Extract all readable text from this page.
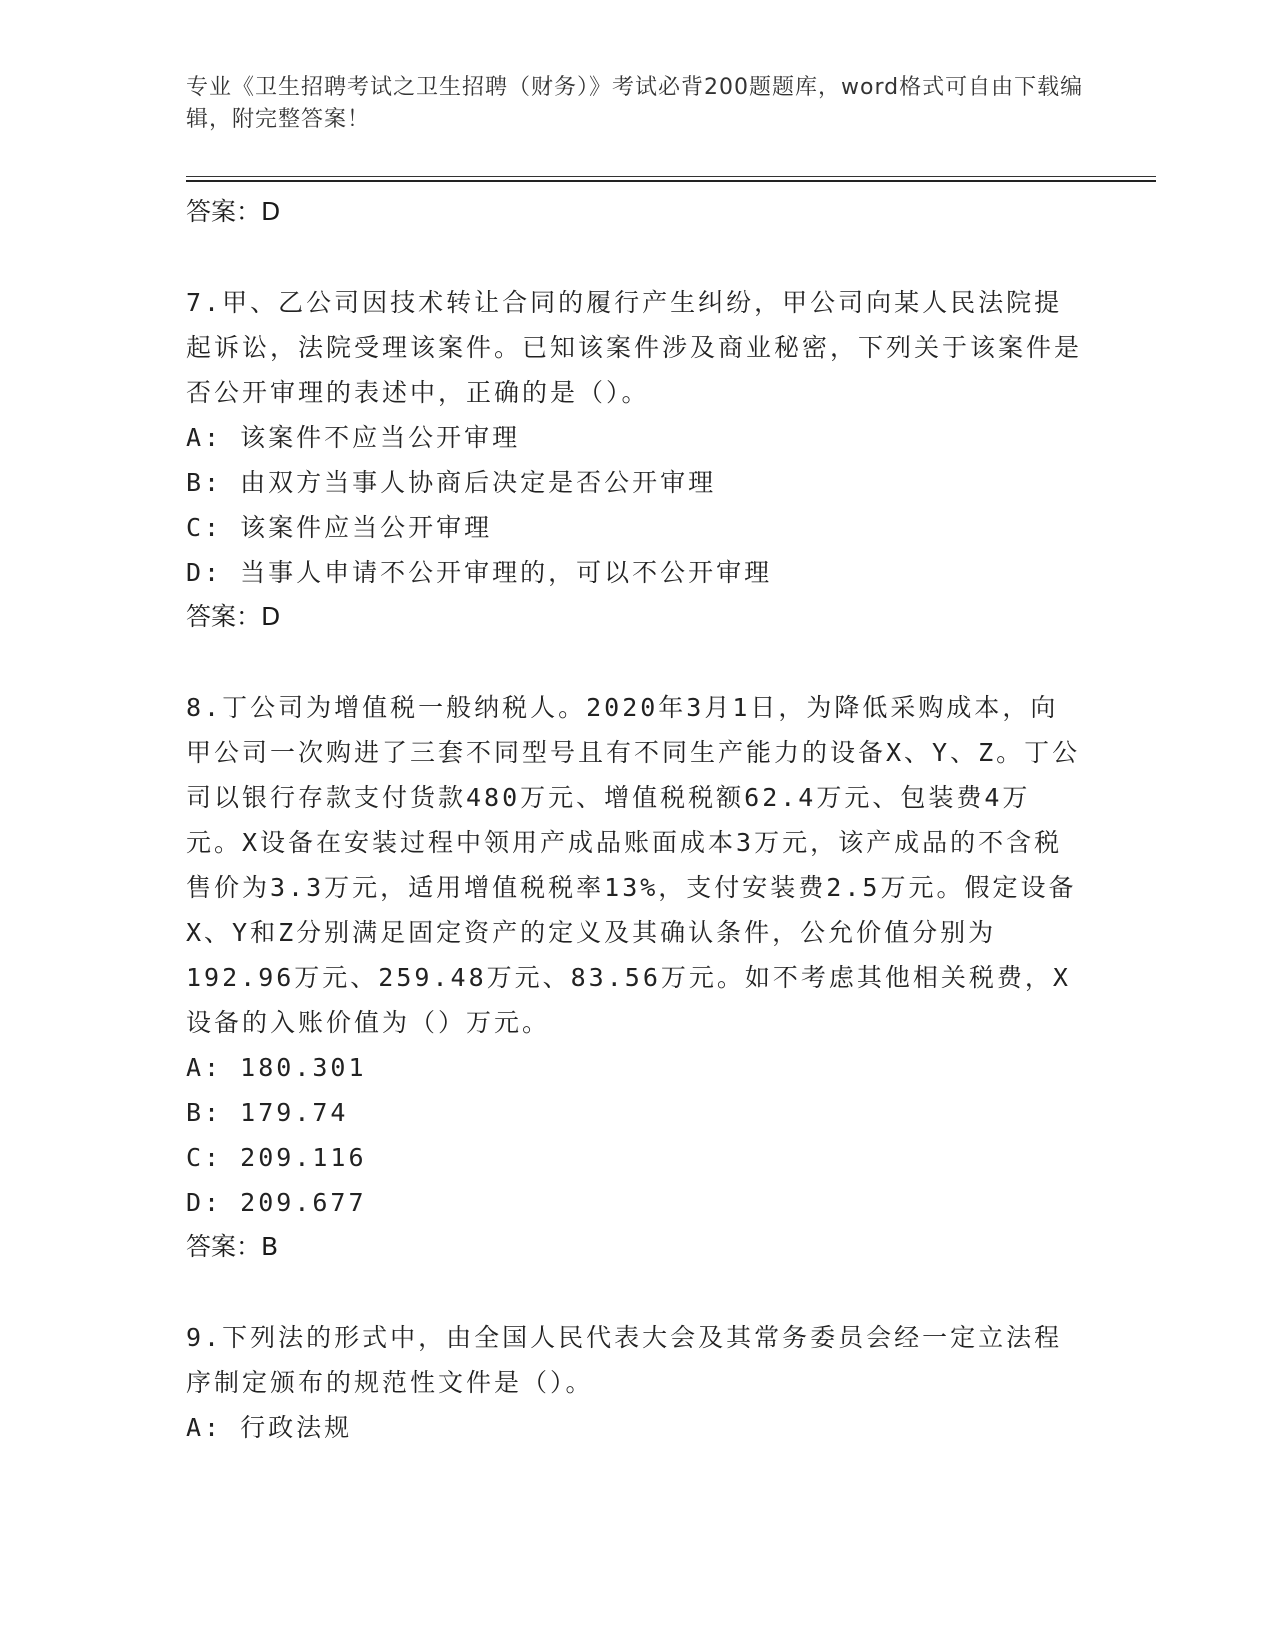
专业《卫生招聘考试之卫生招聘（财务）》考试必背200题题库，word格式可自由下载编辑，附完整答案！
答案：D

7.甲、乙公司因技术转让合同的履行产生纠纷，甲公司向某人民法院提起诉讼，法院受理该案件。已知该案件涉及商业秘密，下列关于该案件是否公开审理的表述中，正确的是（）。

A: 该案件不应当公开审理
B: 由双方当事人协商后决定是否公开审理
C: 该案件应当公开审理
D: 当事人申请不公开审理的，可以不公开审理
答案：D

8.丁公司为增值税一般纳税人。2020年3月1日，为降低采购成本，向甲公司一次购进了三套不同型号且有不同生产能力的设备X、Y、Z。丁公司以银行存款支付货款480万元、增值税税额62.4万元、包装费4万元。X设备在安装过程中领用产成品账面成本3万元，该产成品的不含税售价为3.3万元，适用增值税税率13%，支付安装费2.5万元。假定设备X、Y和Z分别满足固定资产的定义及其确认条件，公允价值分别为192.96万元、259.48万元、83.56万元。如不考虑其他相关税费，X设备的入账价值为（）万元。

A: 180.301
B: 179.74
C: 209.116
D: 209.677
答案：B

9.下列法的形式中，由全国人民代表大会及其常务委员会经一定立法程序制定颁布的规范性文件是（）。

A: 行政法规
